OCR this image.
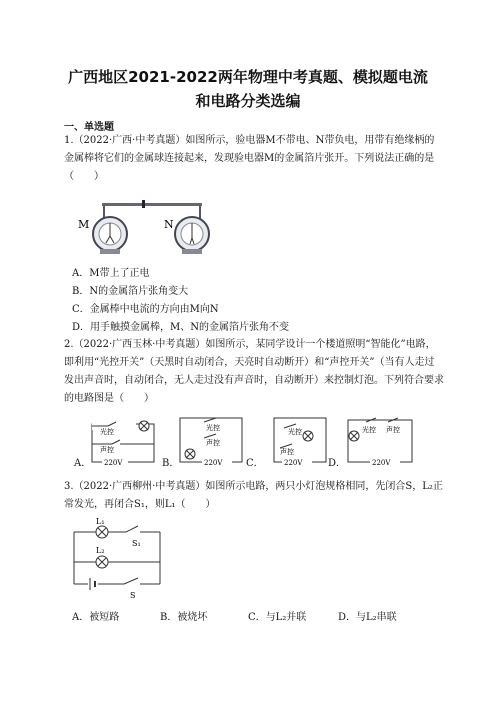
广西地区2021-2022两年物理中考真题、模拟题电流
和电路分类选编
一、单选题
1.（2022·广西·中考真题）如图所示，验电器M不带电、N带负电，用带有绝缘柄的金属棒将它们的金属球连接起来，发现验电器M的金属箔片张开。下列说法正确的是（　　）
M	N
A．M带上了正电
B．N的金属箔片张角变大
C．金属棒中电流的方向由M向N
D．用手触摸金属棒，M、N的金属箔片张角不变
2.（2022·广西玉林·中考真题）如图所示，某同学设计一个楼道照明“智能化”电路，即利用“光控开关”（天黑时自动闭合，天亮时自动断开）和“声控开关”（当有人走过发出声音时，自动闭合，无人走过没有声音时，自动断开）来控制灯泡。下列符合要求的电路图是（　　）
A．
光控
声控
220V	B．
光控
声控
220V C．
光控
声控
220V	D．
光控 声控
220V
3.（2022·广西柳州·中考真题）如图所示电路，两只小灯泡规格相同，先闭合S，L₂正常发光，再闭合S₁，则L₁（　　）
L₁
S₁
L₂
S
A．被短路	B．被烧坏	C．与L₂并联	D．与L₂串联
